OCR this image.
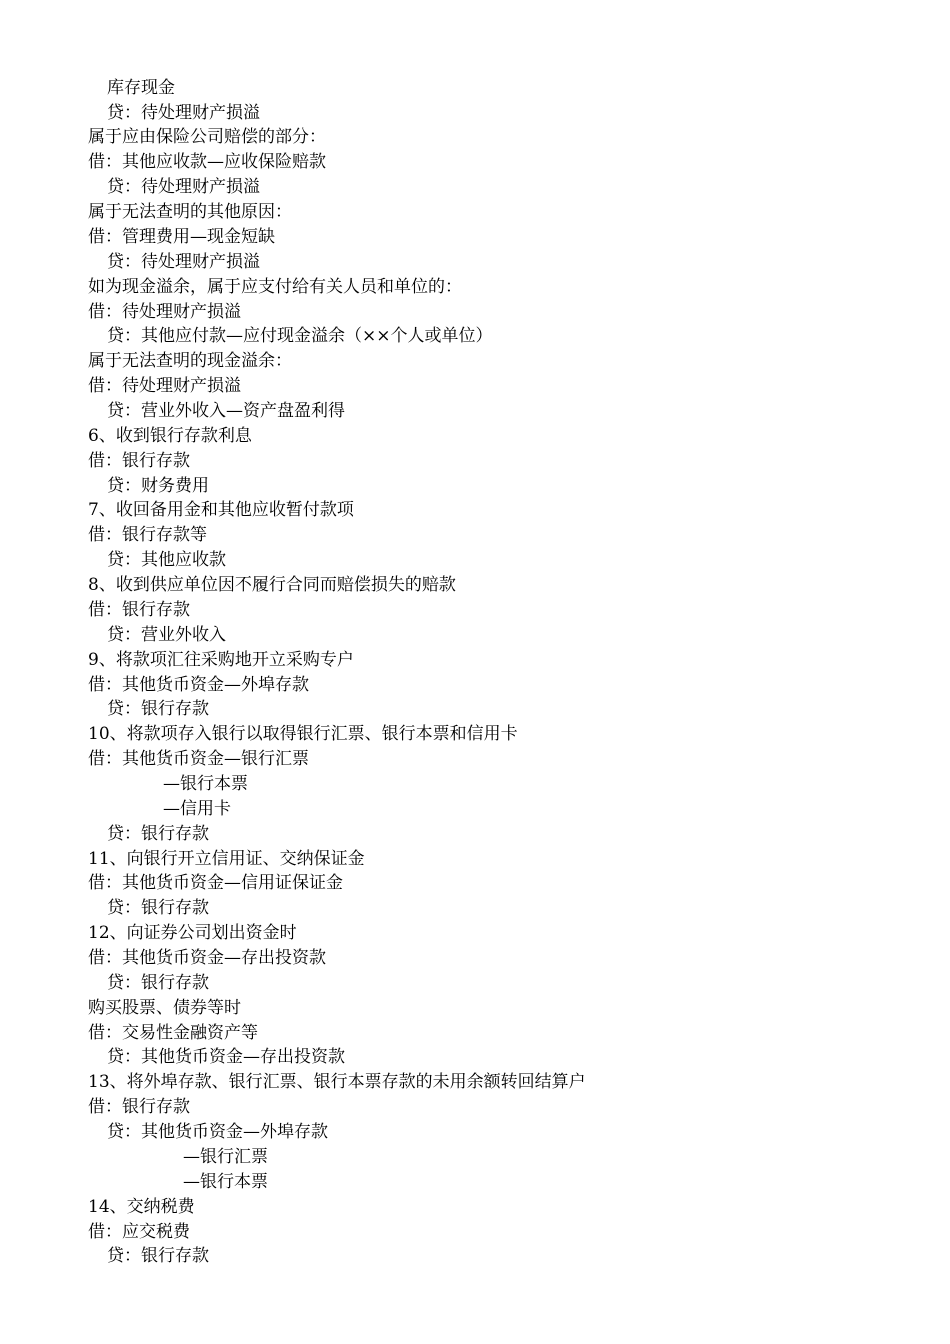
库存现金
贷：待处理财产损溢
属于应由保险公司赔偿的部分：
借：其他应收款—应收保险赔款
贷：待处理财产损溢
属于无法查明的其他原因：
借：管理费用—现金短缺
贷：待处理财产损溢
如为现金溢余，属于应支付给有关人员和单位的：
借：待处理财产损溢
贷：其他应付款—应付现金溢余（××个人或单位）
属于无法查明的现金溢余：
借：待处理财产损溢
贷：营业外收入—资产盘盈利得
6、收到银行存款利息
借：银行存款
贷：财务费用
7、收回备用金和其他应收暂付款项
借：银行存款等
贷：其他应收款
8、收到供应单位因不履行合同而赔偿损失的赔款
借：银行存款
贷：营业外收入
9、将款项汇往采购地开立采购专户
借：其他货币资金—外埠存款
贷：银行存款
10、将款项存入银行以取得银行汇票、银行本票和信用卡
借：其他货币资金—银行汇票
—银行本票
—信用卡
贷：银行存款
11、向银行开立信用证、交纳保证金
借：其他货币资金—信用证保证金
贷：银行存款
12、向证券公司划出资金时
借：其他货币资金—存出投资款
贷：银行存款
购买股票、债券等时
借：交易性金融资产等
贷：其他货币资金—存出投资款
13、将外埠存款、银行汇票、银行本票存款的未用余额转回结算户
借：银行存款
贷：其他货币资金—外埠存款
—银行汇票
—银行本票
14、交纳税费
借：应交税费
贷：银行存款
